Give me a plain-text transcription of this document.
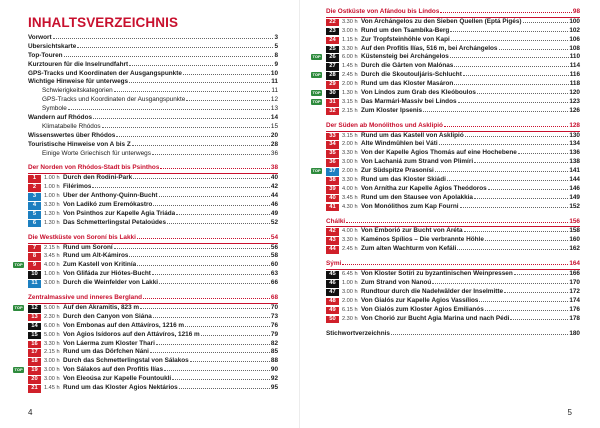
INHALTSVERZEICHNIS
Vorwort	3
Übersichtskarte	5
Top-Touren	8
Kurztouren für die Inselrundfahrt	9
GPS-Tracks und Koordinaten der Ausgangspunkte	10
Wichtige Hinweise für unterwegs	11
Schwierigkeitskategorien	11
GPS-Tracks und Koordinaten der Ausgangspunkte	12
Symbole	13
Wandern auf Rhódos	14
Klimatabelle Rhódos	15
Wissenswertes über Rhódos	20
Touristische Hinweise von A bis Z	28
Einige Worte Griechisch für unterwegs	36
Der Norden von Rhódos-Stadt bis Psinthos	38
1	1.00 h Durch den Rodini-Park	40
2	1.00 h Filérimos	42
3	1.00 h Über der Anthony-Quinn-Bucht	44
4	3.30 h Von Ladikó zum Eremókastro	46
5	1.30 h Von Psinthos zur Kapelle Agia Triáda	49
6	1.30 h Das Schmetterlingstal Petaloúdes	52
Die Westküste von Soroní bis Lakki	54
7	2.15 h Rund um Soroní	56
8	3.45 h Rund um Alt-Kámiros	58
TOP	9	4.00 h Zum Kastell von Kritinía	60
10	1.00 h Von Glifáda zur Hiótes-Bucht	63
11	3.00 h Durch die Weinfelder von Lakki	66
Zentralmassive und inneres Bergland	68
TOP	12	5.00 h Auf den Akramitis, 823 m	70
13	2.30 h Durch den Canyon von Siána	73
14	6.00 h Von Émbonas auf den Attávíros, 1216 m	76
15	5.00 h Von Ágios Isídoros auf den Attávíros, 1216 m	79
16	3.30 h Von Láerma zum Kloster Thari	82
17	2.15 h Rund um das Dörfchen Náni	85
18	3.00 h Durch das Schmetterlingstal von Sálakos	88
TOP	19	3.00 h Von Sálakos auf den Profitis Ilías	90
20	3.00 h Von Eleoúsa zur Kapelle Fountouklí	92
21	1.45 h Rund um das Kloster Ágios Nektários	95
4
Die Ostküste von Afándou bis Líndos	98
22	3.30 h Von Archángelos zu den Sieben Quellen (Eptá Pigés)	100
23	3.00 h Rund um den Tsambíka-Berg	102
24	1.15 h Zur Tropfsteinhöhle von Kapi	106
25	3.30 h Auf den Profitis Ilías, 516 m, bei Archángelos	108
TOP	26	6.00 h Küstensteig bei Archángelos	110
27	1.45 h Durch die Gärten von Malónas	114
TOP	28	2.45 h Durch die Skoutouljáris-Schlucht	116
29	2.00 h Rund um das Kloster Masáron	118
TOP	30	1.30 h Von Líndos zum Grab des Kleóboulos	120
TOP	31	3.15 h Das Marmári-Massiv bei Líndos	123
32	2.15 h Zum Kloster Ipsenis	126
Der Süden ab Monólithos und Asklipió	128
33	3.15 h Rund um das Kastell von Asklipió	130
34	2.00 h Alte Windmühlen bei Váti	134
35	3.30 h Von der Kapelle Ágios Thomás auf eine Hochebene	136
36	3.00 h Von Lachaniá zum Strand von Plimíri	138
TOP	37	2.00 h Zur Südspitze Prasonísi	141
38	3.30 h Rund um das Kloster Skiádi	144
39	4.00 h Von Arnítha zur Kapelle Ágios Theódoros	146
40	3.45 h Rund um den Stausee von Apolakkia	149
41	4.30 h Von Monólithos zum Kap Fourni	152
Chálki	156
42	4.00 h Von Emborió zur Bucht von Aréta	158
43	3.30 h Kaménos Spílios – Die verbrannte Höhle	160
44	2.45 h Zum alten Wachturm von Kefáli	162
Sými	164
45	6.45 h Von Kloster Sotíri zu byzantinischen Weinpressen	166
46	1.00 h Zum Strand von Nanoú	170
47	3.00 h Rundtour durch die Nadelwälder der Inselmitte	172
48	2.00 h Von Gialós zur Kapelle Ágios Vassílios	174
49	6.15 h Von Gialós zum Kloster Ágios Emilianós	176
50	2.30 h Von Chorió zur Bucht Agia Marina und nach Pédi	178
Stichwortverzeichnis	180
5
